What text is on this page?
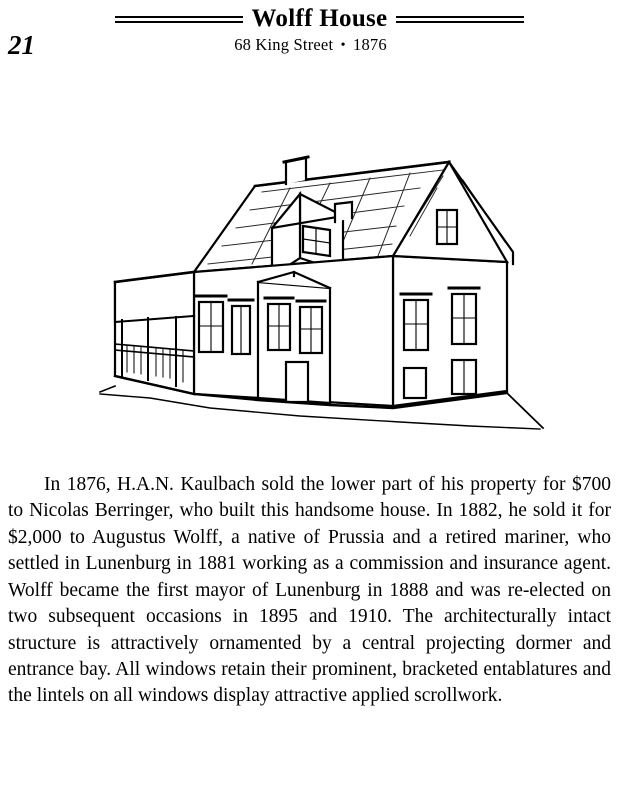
21
Wolff House
68 King Street • 1876

In 1876, H.A.N. Kaulbach sold the lower part of his property for $700 to Nicolas Berringer, who built this handsome house. In 1882, he sold it for $2,000 to Augustus Wolff, a native of Prussia and a retired mariner, who settled in Lunenburg in 1881 working as a commission and insurance agent. Wolff became the first mayor of Lunenburg in 1888 and was re-elected on two subsequent occasions in 1895 and 1910. The architecturally intact structure is attractively ornamented by a central projecting dormer and entrance bay. All windows retain their prominent, bracketed entablatures and the lintels on all windows display attractive applied scrollwork.
